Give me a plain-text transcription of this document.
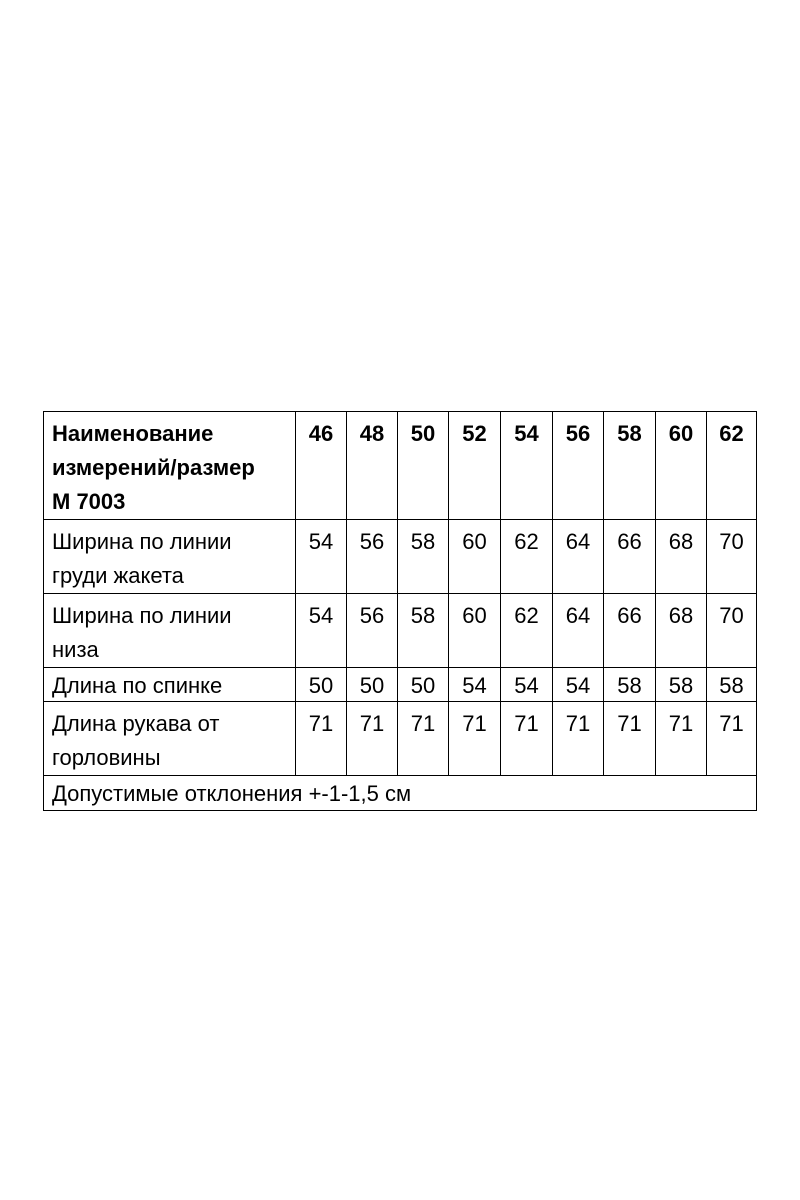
Наименование
измерений/размер
М 7003	46	48	50	52	54	56	58	60	62

Ширина по линии
груди жакета	54	56	58	60	62	64	66	68	70

Ширина по линии
низа	54	56	58	60	62	64	66	68	70

Длина по спинке	50	50	50	54	54	54	58	58	58

Длина рукава от
горловины	71	71	71	71	71	71	71	71	71
Допустимые отклонения +-1-1,5 см									
